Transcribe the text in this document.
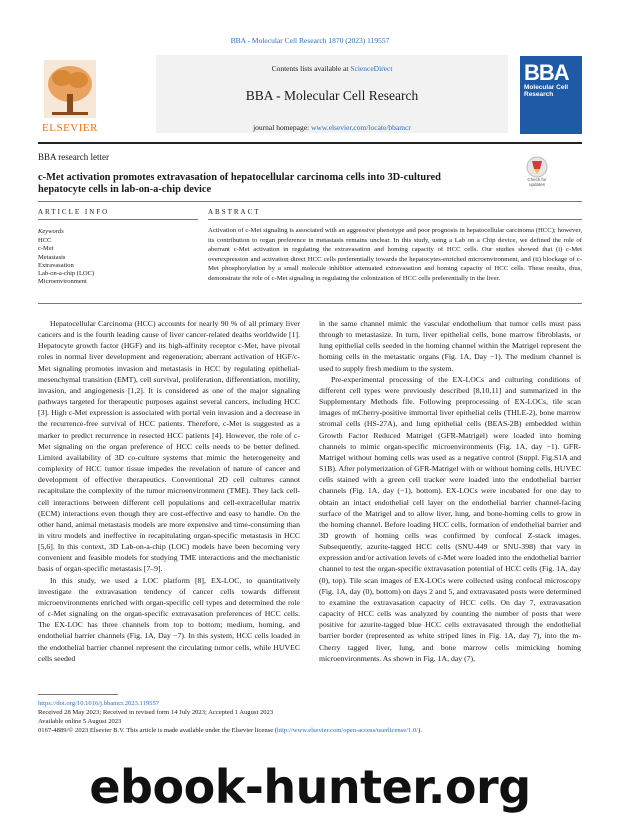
BBA - Molecular Cell Research 1870 (2023) 119557
Contents lists available at ScienceDirect
BBA - Molecular Cell Research
journal homepage: www.elsevier.com/locate/bbamcr
ELSEVIER
BBA
Molecular Cell Research
BBA research letter
Check for updates
c-Met activation promotes extravasation of hepatocellular carcinoma cells into 3D-cultured
hepatocyte cells in lab-on-a-chip device
ARTICLE INFO	ABSTRACT
Keywords
HCC
c-Met
Metastasis
Extravasation
Lab-on-a-chip (LOC)
Microenvironment
Activation of c-Met signaling is associated with an aggressive phenotype and poor prognosis in hepatocellular carcinoma (HCC); however, its contribution to organ preference in metastasis remains unclear. In this study, using a Lab on a Chip device, we defined the role of aberrant c-Met activation in regulating the extravasation and homing capacity of HCC cells. Our studies showed that (i) c-Met overexpression and activation direct HCC cells preferentially towards the hepatocytes-enriched microenvironment, and (ii) blockage of c-Met phosphorylation by a small molecule inhibitor attenuated extravasation and homing capacity of HCC cells. These results, thus, demonstrate the role of c-Met signaling in regulating the colonization of HCC cells preferentially in the liver.

Hepatocellular Carcinoma (HCC) accounts for nearly 90 % of all primary liver cancers and is the fourth leading cause of liver cancer-related deaths worldwide [1]. Hepatocyte growth factor (HGF) and its high-affinity receptor c-Met, have pivotal roles in normal liver development and regeneration; aberrant activation of HGF/c-Met signaling promotes invasion and metastasis in HCC by regulating epithelial-mesenchymal transition (EMT), cell survival, proliferation, differentiation, motility, invasion, and angiogenesis [1,2]. It is considered as one of the major signaling pathways targeted for therapeutic purposes against several cancers, including HCC [3]. High c-Met expression is associated with portal vein invasion and a decrease in the recurrence-free survival of HCC patients. Therefore, c-Met is suggested as a marker to predict recurrence in resected HCC patients [4]. However, the role of c-Met signaling on the organ preference of HCC cells needs to be better defined. Limited availability of 3D co-culture systems that mimic the heterogeneity and complexity of HCC tumor tissue impedes the revelation of nature of cancer and development of effective therapeutics. Conventional 2D cell cultures cannot recapitulate the complexity of the tumor microenvironment (TME). They lack cell-cell interactions between different cell populations and cell-extracellular matrix (ECM) interactions even though they are cost-effective and easy to handle. On the other hand, animal metastasis models are more expensive and time-consuming than in vitro models and ineffective in recapitulating organ-specific metastasis in HCC [5,6]. In this context, 3D Lab-on-a-chip (LOC) models have been becoming very convenient and feasible models for studying TME interactions and the mechanistic basis of organ-specific metastasis [7–9].

In this study, we used a LOC platform [8], EX-LOC, to quantitatively investigate the extravasation tendency of cancer cells towards different microenvironments enriched with organ-specific cell types and determined the role of c-Met signaling on the organ-specific extravasation preferences of HCC cells. The EX-LOC has three channels from top to bottom; medium, homing, and endothelial barrier channels (Fig. 1A, Day −7). In this system, HCC cells loaded in the endothelial barrier channel represent the circulating tumor cells, while HUVEC cells seeded

in the same channel mimic the vascular endothelium that tumor cells must pass through to metastasize. In turn, liver epithelial cells, bone marrow fibroblasts, or lung epithelial cells seeded in the homing channel within the Matrigel represent the homing cells in the metastatic organs (Fig. 1A, Day −1). The medium channel is used to supply fresh medium to the system.

Pre-experimental processing of the EX-LOCs and culturing conditions of different cell types were previously described [8,10,11] and summarized in the Supplementary Methods file. Following preprocessing of EX-LOCs, tile scan images of mCherry-positive immortal liver epithelial cells (THLE-2), bone marrow stromal cells (HS-27A), and lung epithelial cells (BEAS-2B) embedded within Growth Factor Reduced Matrigel (GFR-Matrigel) were loaded into homing channels to mimic organ-specific microenvironments (Fig. 1A, day −1). GFR-Matrigel without homing cells was used as a negative control (Suppl. Fig.S1A and S1B). After polymerization of GFR-Matrigel with or without homing cells, HUVEC cells stained with a green cell tracker were loaded into the endothelial barrier channels (Fig. 1A, day (−1), bottom). EX-LOCs were incubated for one day to obtain an intact endothelial cell layer on the endothelial barrier channel-facing surface of the Matrigel and to allow liver, lung, and bone-homing cells to grow in the homing channel. Before loading HCC cells, formation of endothelial barrier and 3D growth of homing cells was confirmed by confocal Z-stack images. Subsequently, azurite-tagged HCC cells (SNU-449 or SNU-398) that vary in expression and/or activation levels of c-Met were loaded into the endothelial barrier channel to test the organ-specific extravasation potential of HCC cells (Fig. 1A, day (0), top). Tile scan images of EX-LOCs were collected using confocal microscopy (Fig. 1A, day (0), bottom) on days 2 and 5, and extravasated posts were determined to examine the extravasation capacity of HCC cells. On day 7, extravasation capacity of HCC cells was analyzed by counting the number of posts that were positive for azurite-tagged blue HCC cells extravasated through the endothelial barrier border (represented as white striped lines in Fig. 1A, day 7), into the m-Cherry tagged liver, lung, and bone marrow cells mimicking homing microenvironments. As shown in Fig. 1A, day (7),

https://doi.org/10.1016/j.bbamcr.2023.119557
Received 28 May 2023; Received in revised form 14 July 2023; Accepted 1 August 2023
Available online 5 August 2023
0167-4889/© 2023 Elsevier B.V. This article is made available under the Elsevier license (http://www.elsevier.com/open-access/userlicense/1.0/).
ebook-hunter.org
